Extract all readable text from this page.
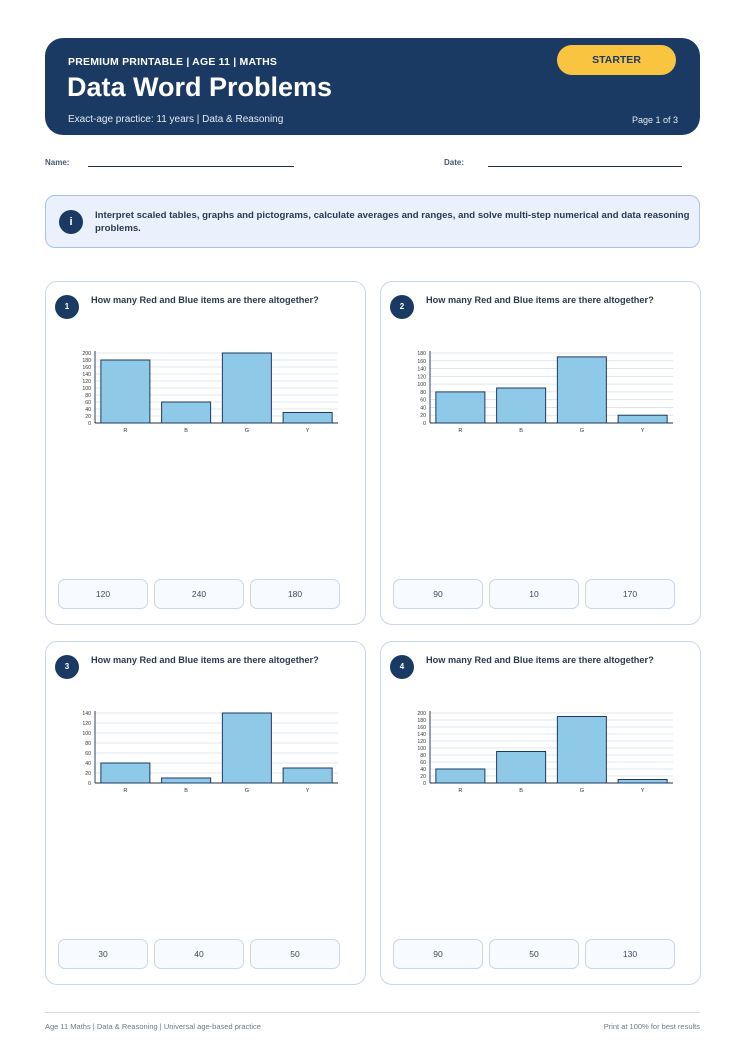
PREMIUM PRINTABLE | AGE 11 | MATHS
Data Word Problems
Exact-age practice: 11 years | Data & Reasoning
STARTER
Page 1 of 3
Name:	Date:
i
Interpret scaled tables, graphs and pictograms, calculate averages and ranges, and solve multi-step numerical and data reasoning problems.
1
How many Red and Blue items are there altogether?
0
20
40
60
80
100
120
140
160
180
200
R	B	G	Y
120	240	180
2
How many Red and Blue items are there altogether?
0
20
40
60
80
100
120
140
160
180
R	B	G	Y
90	10	170
3
How many Red and Blue items are there altogether?
0
20
40
60
80
100
120
140
R	B	G	Y
30	40	50
4
How many Red and Blue items are there altogether?
0
20
40
60
80
100
120
140
160
180
200
R	B	G	Y
90	50	130
Age 11 Maths | Data & Reasoning | Universal age-based practice	Print at 100% for best results
